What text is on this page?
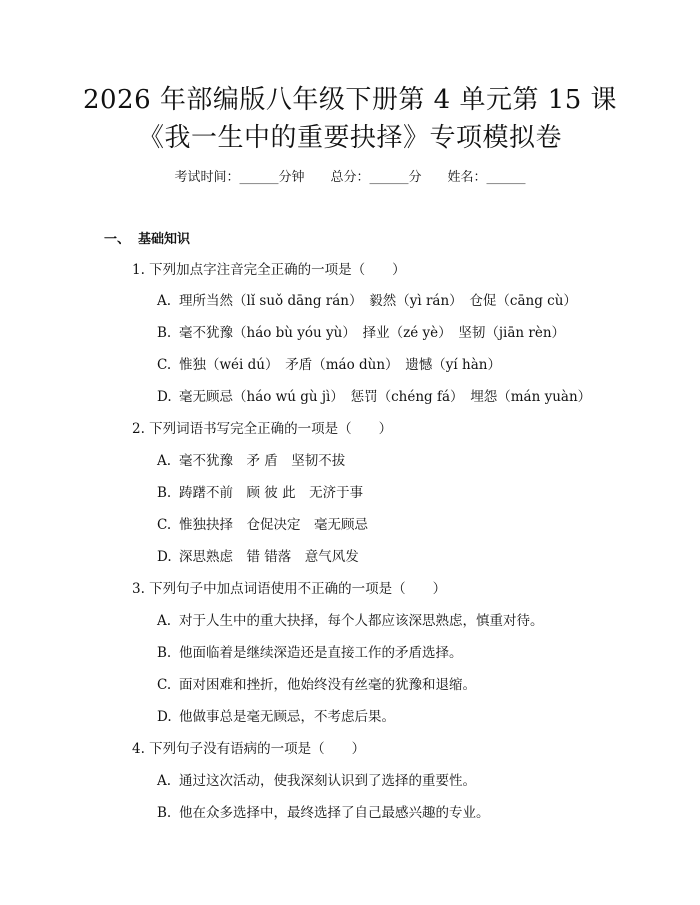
2026 年部编版八年级下册第 4 单元第 15 课
《我一生中的重要抉择》专项模拟卷
考试时间：______分钟 总分：______分 姓名：______
一、 基础知识
1. 下列加点字注音完全正确的一项是（　　）
A. 理所当然（lǐ suǒ dāng rán）　毅然（yì rán）　仓促（cāng cù）
B. 毫不犹豫（háo bù yóu yù）　择业（zé yè）　坚韧（jiān rèn）
C. 惟独（wéi dú）　矛盾（máo dùn）　遗憾（yí hàn）
D. 毫无顾忌（háo wú gù jì）　惩罚（chéng fá）　埋怨（mán yuàn）
2. 下列词语书写完全正确的一项是（　　）
A. 毫不犹豫　矛 盾　坚韧不拔
B. 踌躇不前　顾 彼 此　无济于事
C. 惟独抉择　仓促决定　毫无顾忌
D. 深思熟虑　错 错落　意气风发
3. 下列句子中加点词语使用不正确的一项是（　　）
A. 对于人生中的重大抉择，每个人都应该深思熟虑，慎重对待。
B. 他面临着是继续深造还是直接工作的矛盾选择。
C. 面对困难和挫折，他始终没有丝毫的犹豫和退缩。
D. 他做事总是毫无顾忌，不考虑后果。
4. 下列句子没有语病的一项是（　　）
A. 通过这次活动，使我深刻认识到了选择的重要性。
B. 他在众多选择中，最终选择了自己最感兴趣的专业。
